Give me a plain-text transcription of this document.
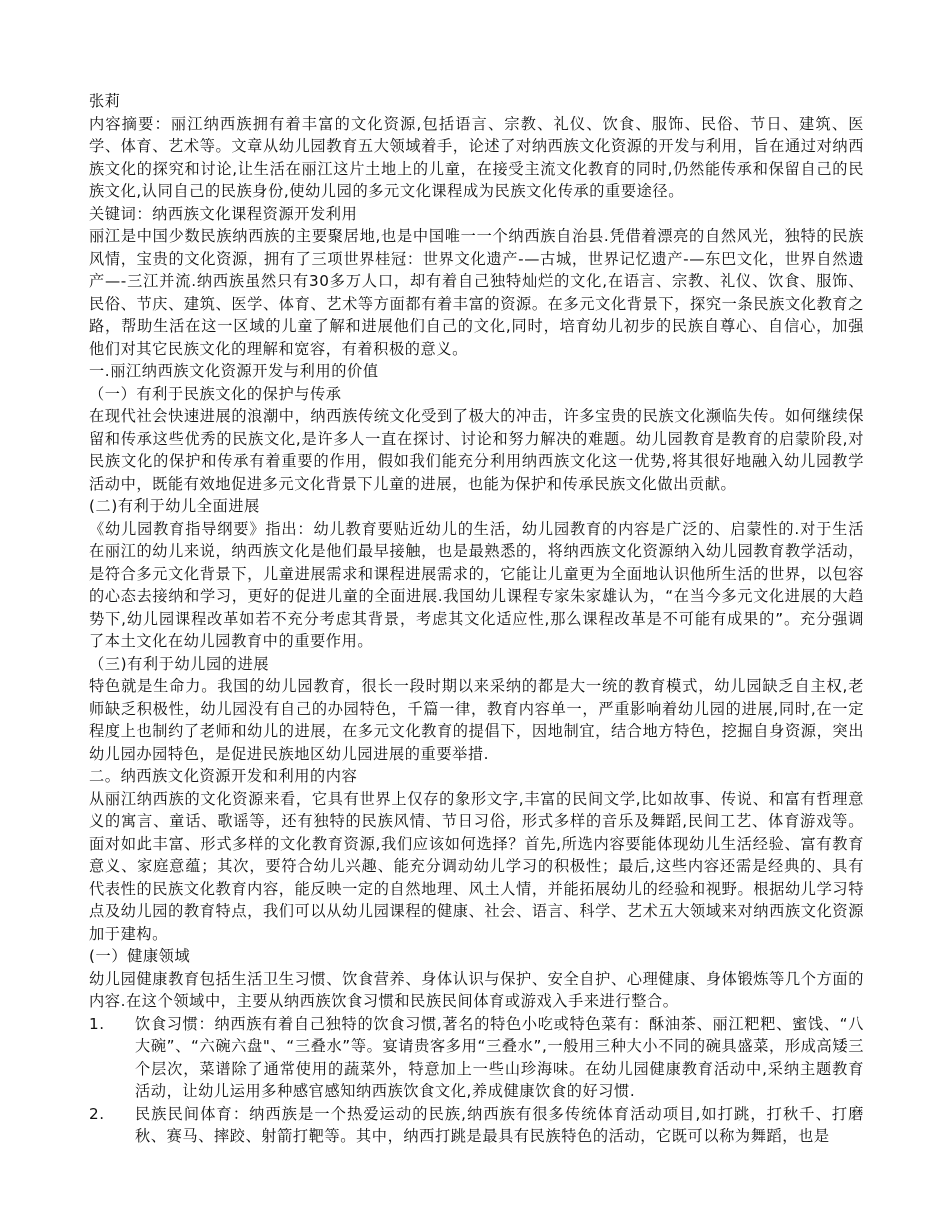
张莉

内容摘要：丽江纳西族拥有着丰富的文化资源,包括语言、宗教、礼仪、饮食、服饰、民俗、节日、建筑、医学、体育、艺术等。文章从幼儿园教育五大领域着手，论述了对纳西族文化资源的开发与利用，旨在通过对纳西族文化的探究和讨论,让生活在丽江这片土地上的儿童，在接受主流文化教育的同时,仍然能传承和保留自己的民族文化,认同自己的民族身份,使幼儿园的多元文化课程成为民族文化传承的重要途径。

关键词：纳西族文化课程资源开发利用

丽江是中国少数民族纳西族的主要聚居地,也是中国唯一一个纳西族自治县.凭借着漂亮的自然风光，独特的民族风情，宝贵的文化资源，拥有了三项世界桂冠：世界文化遗产-—古城，世界记忆遗产-—东巴文化，世界自然遗产—-三江并流.纳西族虽然只有30多万人口，却有着自己独特灿烂的文化,在语言、宗教、礼仪、饮食、服饰、民俗、节庆、建筑、医学、体育、艺术等方面都有着丰富的资源。在多元文化背景下，探究一条民族文化教育之路，帮助生活在这一区域的儿童了解和进展他们自己的文化,同时，培育幼儿初步的民族自尊心、自信心，加强他们对其它民族文化的理解和宽容，有着积极的意义。

一.丽江纳西族文化资源开发与利用的价值

（一）有利于民族文化的保护与传承

在现代社会快速进展的浪潮中，纳西族传统文化受到了极大的冲击，许多宝贵的民族文化濒临失传。如何继续保留和传承这些优秀的民族文化,是许多人一直在探讨、讨论和努力解决的难题。幼儿园教育是教育的启蒙阶段,对民族文化的保护和传承有着重要的作用，假如我们能充分利用纳西族文化这一优势,将其很好地融入幼儿园教学活动中，既能有效地促进多元文化背景下儿童的进展，也能为保护和传承民族文化做出贡献。

(二)有利于幼儿全面进展

《幼儿园教育指导纲要》指出：幼儿教育要贴近幼儿的生活，幼儿园教育的内容是广泛的、启蒙性的.对于生活在丽江的幼儿来说，纳西族文化是他们最早接触，也是最熟悉的，将纳西族文化资源纳入幼儿园教育教学活动，是符合多元文化背景下，儿童进展需求和课程进展需求的，它能让儿童更为全面地认识他所生活的世界，以包容的心态去接纳和学习，更好的促进儿童的全面进展.我国幼儿课程专家朱家雄认为，“在当今多元文化进展的大趋势下,幼儿园课程改革如若不充分考虑其背景，考虑其文化适应性,那么课程改革是不可能有成果的”。充分强调了本土文化在幼儿园教育中的重要作用。

（三)有利于幼儿园的进展

特色就是生命力。我国的幼儿园教育，很长一段时期以来采纳的都是大一统的教育模式，幼儿园缺乏自主权,老师缺乏积极性，幼儿园没有自己的办园特色，千篇一律，教育内容单一，严重影响着幼儿园的进展,同时,在一定程度上也制约了老师和幼儿的进展，在多元文化教育的提倡下，因地制宜，结合地方特色，挖掘自身资源，突出幼儿园办园特色，是促进民族地区幼儿园进展的重要举措.

二。纳西族文化资源开发和利用的内容

从丽江纳西族的文化资源来看，它具有世界上仅存的象形文字,丰富的民间文学,比如故事、传说、和富有哲理意义的寓言、童话、歌谣等，还有独特的民族风情、节日习俗，形式多样的音乐及舞蹈,民间工艺、体育游戏等。面对如此丰富、形式多样的文化教育资源,我们应该如何选择？首先,所选内容要能体现幼儿生活经验、富有教育意义、家庭意蕴；其次，要符合幼儿兴趣、能充分调动幼儿学习的积极性；最后,这些内容还需是经典的、具有代表性的民族文化教育内容，能反映一定的自然地理、风土人情，并能拓展幼儿的经验和视野。根据幼儿学习特点及幼儿园的教育特点，我们可以从幼儿园课程的健康、社会、语言、科学、艺术五大领域来对纳西族文化资源加于建构。

(一）健康领域

幼儿园健康教育包括生活卫生习惯、饮食营养、身体认识与保护、安全自护、心理健康、身体锻炼等几个方面的内容.在这个领域中，主要从纳西族饮食习惯和民族民间体育或游戏入手来进行整合。

1.	饮食习惯：纳西族有着自己独特的饮食习惯,著名的特色小吃或特色菜有：酥油茶、丽江粑粑、蜜饯、“八大碗”、“六碗六盘"、“三叠水”等。宴请贵客多用“三叠水”,一般用三种大小不同的碗具盛菜，形成高矮三个层次，菜谱除了通常使用的蔬菜外，特意加上一些山珍海味。在幼儿园健康教育活动中,采纳主题教育活动，让幼儿运用多种感官感知纳西族饮食文化,养成健康饮食的好习惯.
2.	民族民间体育：纳西族是一个热爱运动的民族,纳西族有很多传统体育活动项目,如打跳，打秋千、打磨秋、赛马、摔跤、射箭打靶等。其中，纳西打跳是最具有民族特色的活动，它既可以称为舞蹈，也是
